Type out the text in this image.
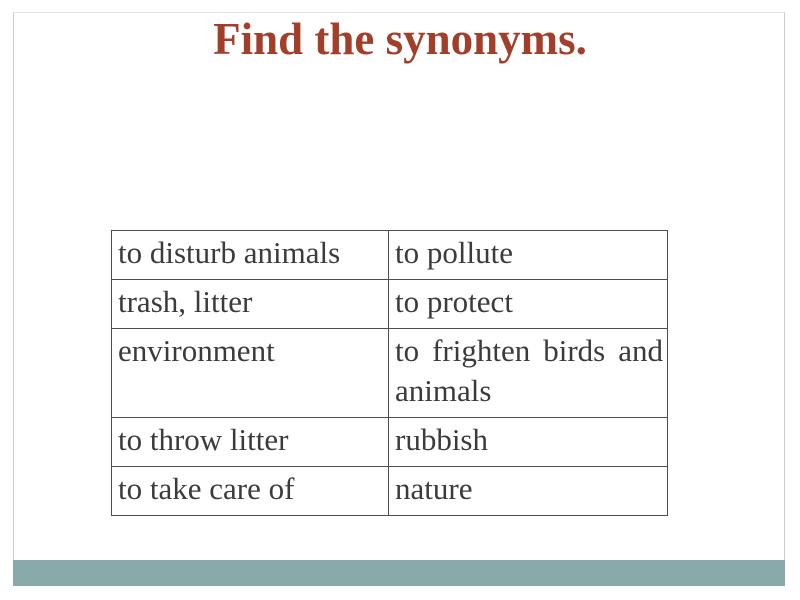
Find the synonyms.
to disturb animals	to pollute
trash, litter	to protect
environment	to frighten birds and animals
to throw litter	rubbish
to take care of	nature
